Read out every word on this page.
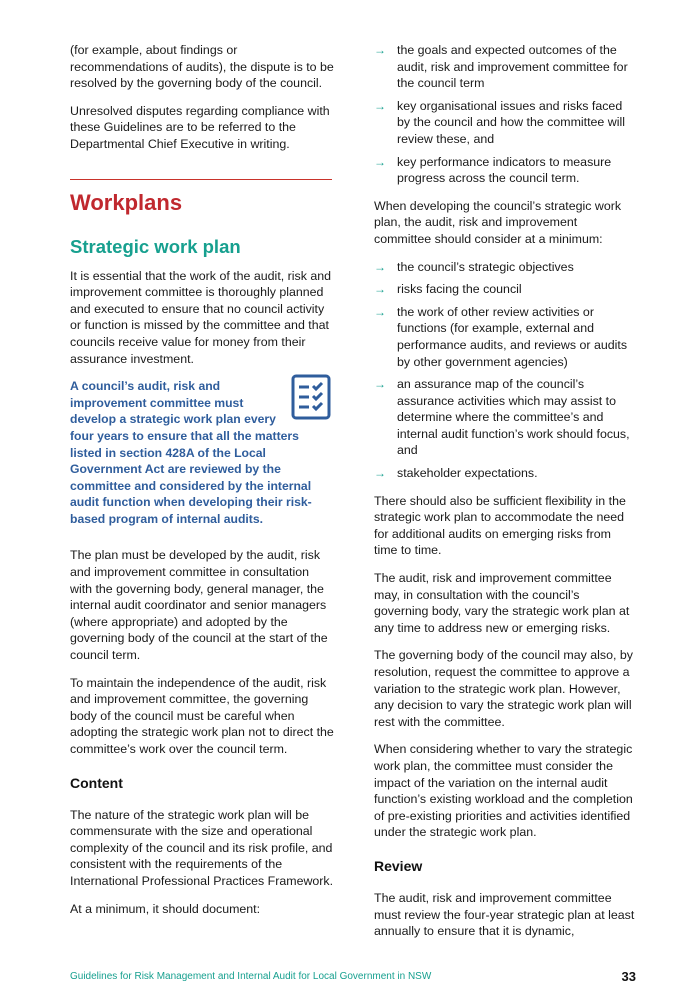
(for example, about findings or recommendations of audits), the dispute is to be resolved by the governing body of the council.

Unresolved disputes regarding compliance with these Guidelines are to be referred to the Departmental Chief Executive in writing.

Workplans
Strategic work plan

It is essential that the work of the audit, risk and improvement committee is thoroughly planned and executed to ensure that no council activity or function is missed by the committee and that councils receive value for money from their assurance investment.

A council’s audit, risk and improvement committee must develop a strategic work plan every four years to ensure that all the matters listed in section 428A of the Local Government Act are reviewed by the committee and considered by the internal audit function when developing their risk-based program of internal audits.

The plan must be developed by the audit, risk and improvement committee in consultation with the governing body, general manager, the internal audit coordinator and senior managers (where appropriate) and adopted by the governing body of the council at the start of the council term.

To maintain the independence of the audit, risk and improvement committee, the governing body of the council must be careful when adopting the strategic work plan not to direct the committee’s work over the council term.

Content

The nature of the strategic work plan will be commensurate with the size and operational complexity of the council and its risk profile, and consistent with the requirements of the International Professional Practices Framework.

At a minimum, it should document:

→ the goals and expected outcomes of the audit, risk and improvement committee for the council term
→ key organisational issues and risks faced by the council and how the committee will review these, and
→ key performance indicators to measure progress across the council term.

When developing the council’s strategic work plan, the audit, risk and improvement committee should consider at a minimum:

→ the council’s strategic objectives
→ risks facing the council
→ the work of other review activities or functions (for example, external and performance audits, and reviews or audits by other government agencies)
→ an assurance map of the council’s assurance activities which may assist to determine where the committee’s and internal audit function’s work should focus, and
→ stakeholder expectations.

There should also be sufficient flexibility in the strategic work plan to accommodate the need for additional audits on emerging risks from time to time.

The audit, risk and improvement committee may, in consultation with the council’s governing body, vary the strategic work plan at any time to address new or emerging risks.

The governing body of the council may also, by resolution, request the committee to approve a variation to the strategic work plan. However, any decision to vary the strategic work plan will rest with the committee.

When considering whether to vary the strategic work plan, the committee must consider the impact of the variation on the internal audit function’s existing workload and the completion of pre-existing priorities and activities identified under the strategic work plan.

Review

The audit, risk and improvement committee must review the four-year strategic plan at least annually to ensure that it is dynamic,

Guidelines for Risk Management and Internal Audit for Local Government in NSW	33
